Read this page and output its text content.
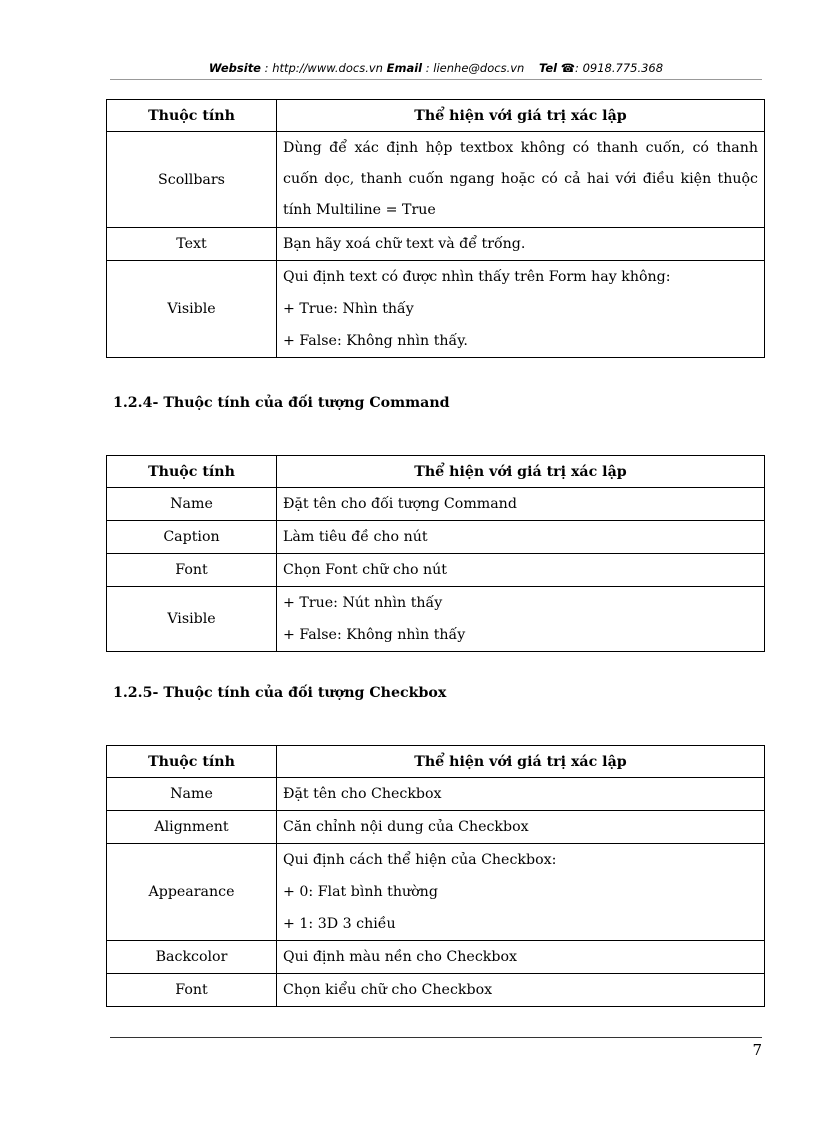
Website : http://www.docs.vn Email : lienhe@docs.vn Tel ☎: 0918.775.368
Thuộc tính	Thể hiện với giá trị xác lập
Scollbars	Dùng để xác định hộp textbox không có thanh cuốn, có thanh cuốn dọc, thanh cuốn ngang hoặc có cả hai với điều kiện thuộc tính Multiline = True

Text	Bạn hãy xoá chữ text và để trống.

Visible	Qui định text có được nhìn thấy trên Form hay không:
+ True: Nhìn thấy
+ False: Không nhìn thấy.
1.2.4- Thuộc tính của đối tượng Command
Thuộc tính	Thể hiện với giá trị xác lập
Name	Đặt tên cho đối tượng Command

Caption	Làm tiêu đề cho nút

Font	Chọn Font chữ cho nút

Visible	+ True: Nút nhìn thấy
+ False: Không nhìn thấy
1.2.5- Thuộc tính của đối tượng Checkbox
Thuộc tính	Thể hiện với giá trị xác lập
Name	Đặt tên cho Checkbox

Alignment	Căn chỉnh nội dung của Checkbox

Appearance	Qui định cách thể hiện của Checkbox:
+ 0: Flat bình thường
+ 1: 3D 3 chiều

Backcolor	Qui định màu nền cho Checkbox

Font	Chọn kiểu chữ cho Checkbox
7
